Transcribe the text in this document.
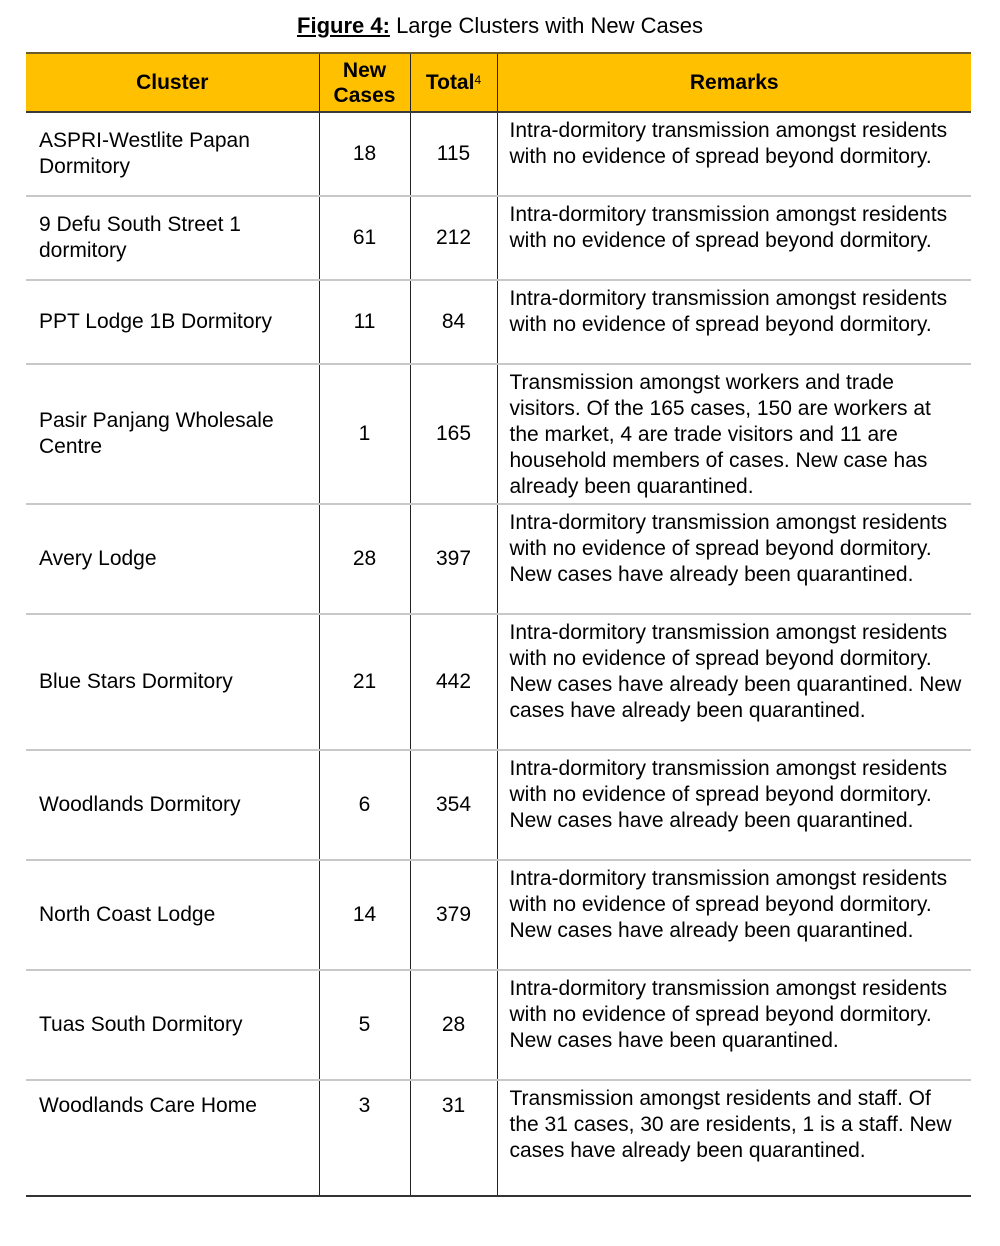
Figure 4: Large Clusters with New Cases
Cluster	New Cases	Total$^4$	Remarks
ASPRI-Westlite Papan Dormitory	18	115	Intra-dormitory transmission amongst residents with no evidence of spread beyond dormitory.
9 Defu South Street 1 dormitory	61	212	Intra-dormitory transmission amongst residents with no evidence of spread beyond dormitory.
PPT Lodge 1B Dormitory	11	84	Intra-dormitory transmission amongst residents with no evidence of spread beyond dormitory.
Pasir Panjang Wholesale Centre	1	165	Transmission amongst workers and trade visitors. Of the 165 cases, 150 are workers at the market, 4 are trade visitors and 11 are household members of cases. New case has already been quarantined.
Avery Lodge	28	397	Intra-dormitory transmission amongst residents with no evidence of spread beyond dormitory. New cases have already been quarantined.
Blue Stars Dormitory	21	442	Intra-dormitory transmission amongst residents with no evidence of spread beyond dormitory. New cases have already been quarantined. New cases have already been quarantined.
Woodlands Dormitory	6	354	Intra-dormitory transmission amongst residents with no evidence of spread beyond dormitory. New cases have already been quarantined.
North Coast Lodge	14	379	Intra-dormitory transmission amongst residents with no evidence of spread beyond dormitory. New cases have already been quarantined.
Tuas South Dormitory	5	28	Intra-dormitory transmission amongst residents with no evidence of spread beyond dormitory. New cases have been quarantined.
Woodlands Care Home	3	31	Transmission amongst residents and staff. Of the 31 cases, 30 are residents, 1 is a staff. New cases have already been quarantined.
